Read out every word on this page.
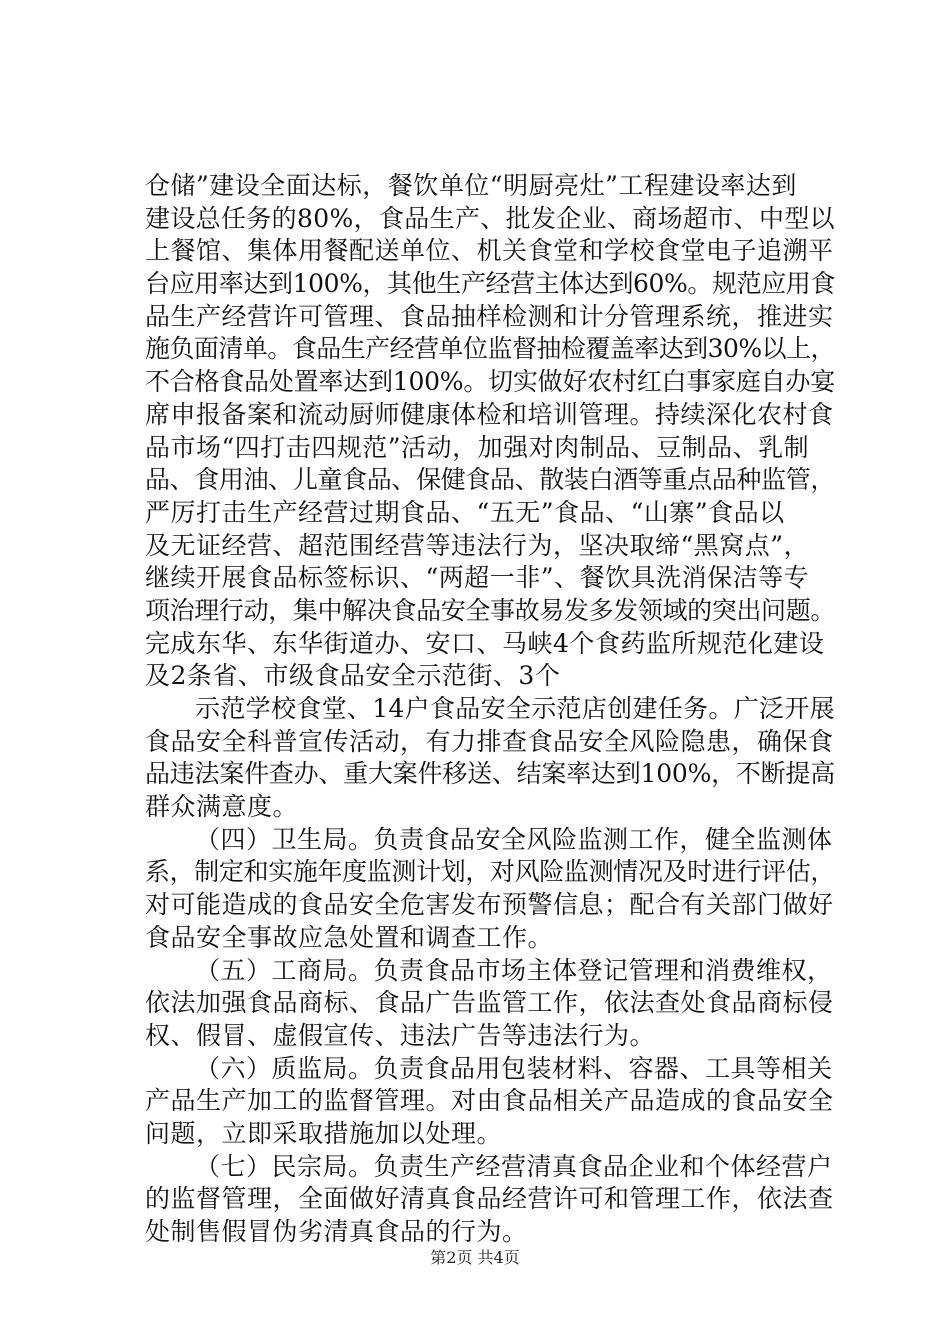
仓储”建设全面达标，餐饮单位“明厨亮灶”工程建设率达到
建设总任务的80%，食品生产、批发企业、商场超市、中型以
上餐馆、集体用餐配送单位、机关食堂和学校食堂电子追溯平
台应用率达到100%，其他生产经营主体达到60%。规范应用食
品生产经营许可管理、食品抽样检测和计分管理系统，推进实
施负面清单。食品生产经营单位监督抽检覆盖率达到30%以上，
不合格食品处置率达到100%。切实做好农村红白事家庭自办宴
席申报备案和流动厨师健康体检和培训管理。持续深化农村食
品市场“四打击四规范”活动，加强对肉制品、豆制品、乳制
品、食用油、儿童食品、保健食品、散装白酒等重点品种监管，
严厉打击生产经营过期食品、“五无”食品、“山寨”食品以
及无证经营、超范围经营等违法行为，坚决取缔“黑窝点”，
继续开展食品标签标识、“两超一非”、餐饮具洗消保洁等专
项治理行动，集中解决食品安全事故易发多发领域的突出问题。
完成东华、东华街道办、安口、马峡4个食药监所规范化建设
及2条省、市级食品安全示范街、3个
示范学校食堂、14户食品安全示范店创建任务。广泛开展
食品安全科普宣传活动，有力排查食品安全风险隐患，确保食
品违法案件查办、重大案件移送、结案率达到100%，不断提高
群众满意度。
（四）卫生局。负责食品安全风险监测工作，健全监测体
系，制定和实施年度监测计划，对风险监测情况及时进行评估，
对可能造成的食品安全危害发布预警信息；配合有关部门做好
食品安全事故应急处置和调查工作。
（五）工商局。负责食品市场主体登记管理和消费维权，
依法加强食品商标、食品广告监管工作，依法查处食品商标侵
权、假冒、虚假宣传、违法广告等违法行为。
（六）质监局。负责食品用包装材料、容器、工具等相关
产品生产加工的监督管理。对由食品相关产品造成的食品安全
问题，立即采取措施加以处理。
（七）民宗局。负责生产经营清真食品企业和个体经营户
的监督管理，全面做好清真食品经营许可和管理工作，依法查
处制售假冒伪劣清真食品的行为。
第2页 共4页
